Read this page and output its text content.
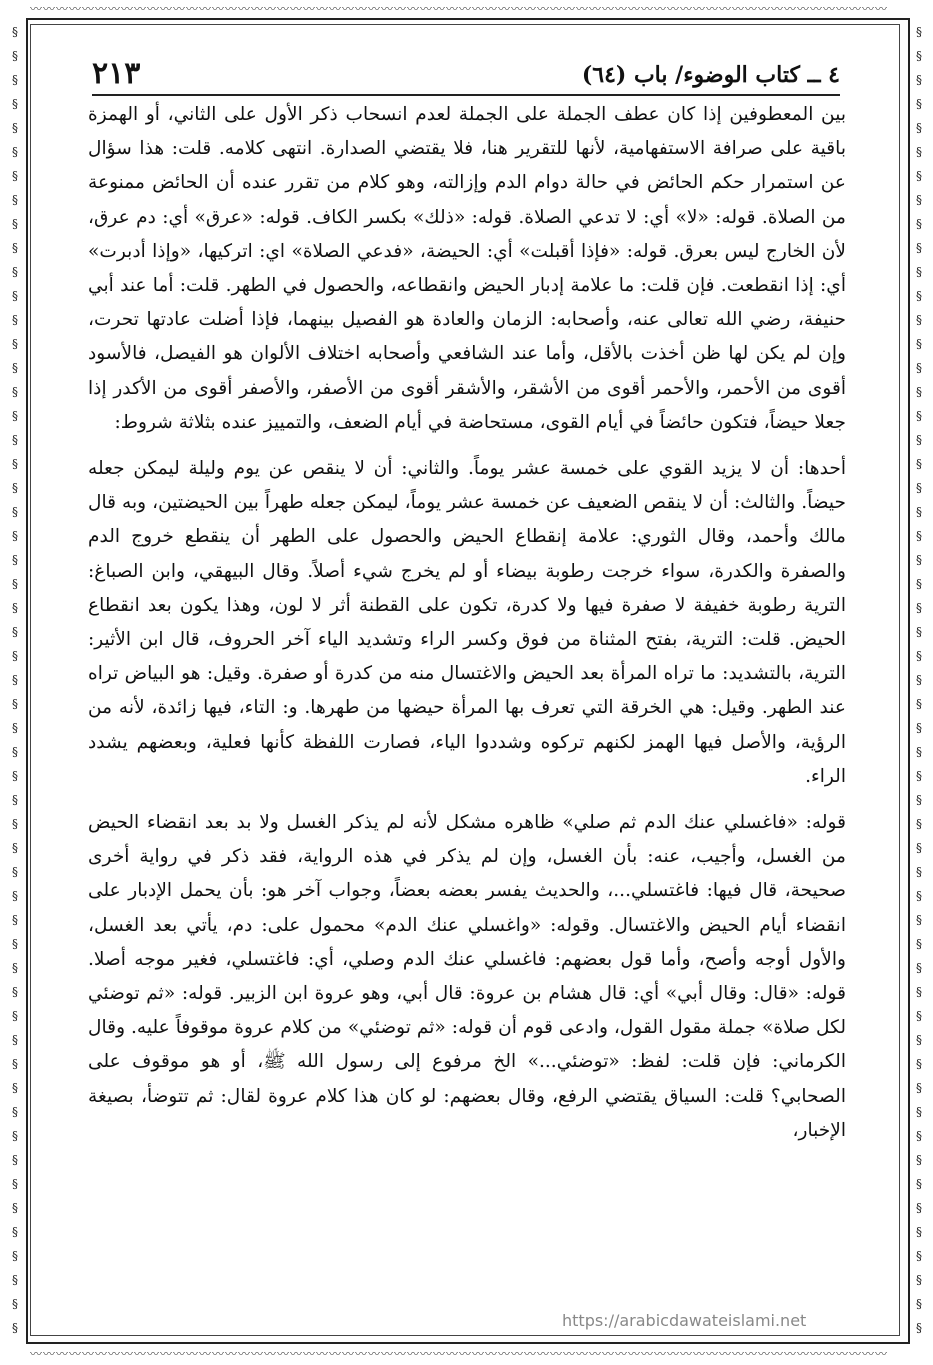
〰〰〰〰〰〰〰〰〰〰〰〰〰〰〰〰〰〰〰〰〰〰〰〰〰〰〰〰〰〰〰〰〰〰〰〰〰〰〰〰〰〰〰〰〰〰〰〰〰〰〰〰〰〰〰〰〰〰〰〰〰〰〰〰〰〰
〰〰〰〰〰〰〰〰〰〰〰〰〰〰〰〰〰〰〰〰〰〰〰〰〰〰〰〰〰〰〰〰〰〰〰〰〰〰〰〰〰〰〰〰〰〰〰〰〰〰〰〰〰〰〰〰〰〰〰〰〰〰〰〰〰〰
§
§
§
§
§
§
§
§
§
§
§
§
§
§
§
§
§
§
§
§
§
§
§
§
§
§
§
§
§
§
§
§
§
§
§
§
§
§
§
§
§
§
§
§
§
§
§
§
§
§
§
§
§
§
§
§
§
§
§
§
§
§
§
§
§
§
§
§
§
§
§
§
§
§
§
§
§
§
§
§
§
§
§
§
§
§
§
§
§
§
§
§
§
§
§
§
§
§
§
§
§
§
§
§
§
§
§
§
§
§
٤ ــ كتاب الوضوء/ باب (٦٤)
٢١٣

بين المعطوفين إذا كان عطف الجملة على الجملة لعدم انسحاب ذكر الأول على الثاني، أو الهمزة باقية على صرافة الاستفهامية، لأنها للتقرير هنا، فلا يقتضي الصدارة. انتهى كلامه. قلت: هذا سؤال عن استمرار حكم الحائض في حالة دوام الدم وإزالته، وهو كلام من تقرر عنده أن الحائض ممنوعة من الصلاة. قوله: «لا» أي: لا تدعي الصلاة. قوله: «ذلك» بكسر الكاف. قوله: «عرق» أي: دم عرق، لأن الخارج ليس بعرق. قوله: «فإذا أقبلت» أي: الحيضة، «فدعي الصلاة» اي: اتركيها، «وإذا أدبرت» أي: إذا انقطعت. فإن قلت: ما علامة إدبار الحيض وانقطاعه، والحصول في الطهر. قلت: أما عند أبي حنيفة، رضي الله تعالى عنه، وأصحابه: الزمان والعادة هو الفصيل بينهما، فإذا أضلت عادتها تحرت، وإن لم يكن لها ظن أخذت بالأقل، وأما عند الشافعي وأصحابه اختلاف الألوان هو الفيصل، فالأسود أقوى من الأحمر، والأحمر أقوى من الأشقر، والأشقر أقوى من الأصفر، والأصفر أقوى من الأكدر إذا جعلا حيضاً، فتكون حائضاً في أيام القوى، مستحاضة في أيام الضعف، والتمييز عنده بثلاثة شروط:

أحدها: أن لا يزيد القوي على خمسة عشر يوماً. والثاني: أن لا ينقص عن يوم وليلة ليمكن جعله حيضاً. والثالث: أن لا ينقص الضعيف عن خمسة عشر يوماً، ليمكن جعله طهراً بين الحيضتين، وبه قال مالك وأحمد، وقال الثوري: علامة إنقطاع الحيض والحصول على الطهر أن ينقطع خروج الدم والصفرة والكدرة، سواء خرجت رطوبة بيضاء أو لم يخرج شيء أصلاً. وقال البيهقي، وابن الصباغ: الترية رطوبة خفيفة لا صفرة فيها ولا كدرة، تكون على القطنة أثر لا لون، وهذا يكون بعد انقطاع الحيض. قلت: الترية، بفتح المثناة من فوق وكسر الراء وتشديد الياء آخر الحروف، قال ابن الأثير: الترية، بالتشديد: ما تراه المرأة بعد الحيض والاغتسال منه من كدرة أو صفرة. وقيل: هو البياض تراه عند الطهر. وقيل: هي الخرقة التي تعرف بها المرأة حيضها من طهرها. و: التاء، فيها زائدة، لأنه من الرؤية، والأصل فيها الهمز لكنهم تركوه وشددوا الياء، فصارت اللفظة كأنها فعلية، وبعضهم يشدد الراء.

قوله: «فاغسلي عنك الدم ثم صلي» ظاهره مشكل لأنه لم يذكر الغسل ولا بد بعد انقضاء الحيض من الغسل، وأجيب، عنه: بأن الغسل، وإن لم يذكر في هذه الرواية، فقد ذكر في رواية أخرى صحيحة، قال فيها: فاغتسلي...، والحديث يفسر بعضه بعضاً، وجواب آخر هو: بأن يحمل الإدبار على انقضاء أيام الحيض والاغتسال. وقوله: «واغسلي عنك الدم» محمول على: دم، يأتي بعد الغسل، والأول أوجه وأصح، وأما قول بعضهم: فاغسلي عنك الدم وصلي، أي: فاغتسلي، فغير موجه أصلا. قوله: «قال: وقال أبي» أي: قال هشام بن عروة: قال أبي، وهو عروة ابن الزبير. قوله: «ثم توضئي لكل صلاة» جملة مقول القول، وادعى قوم أن قوله: «ثم توضئي» من كلام عروة موقوفاً عليه. وقال الكرماني: فإن قلت: لفظ: «توضئي...» الخ مرفوع إلى رسول الله ﷺ، أو هو موقوف على الصحابي؟ قلت: السياق يقتضي الرفع، وقال بعضهم: لو كان هذا كلام عروة لقال: ثم تتوضأ، بصيغة الإخبار،

https://arabicdawateislami.net
